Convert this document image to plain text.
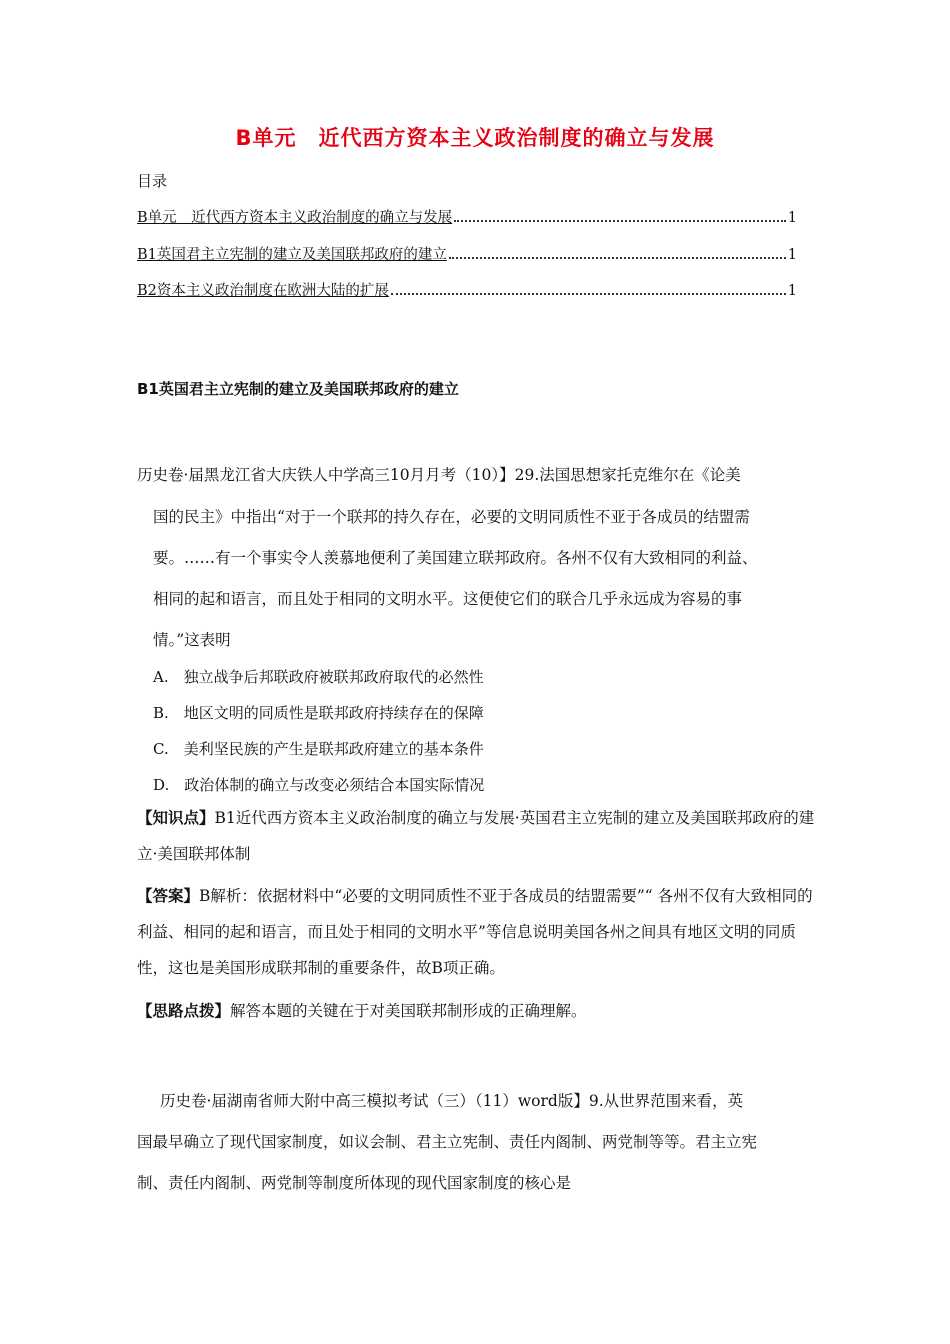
B单元　近代西方资本主义政治制度的确立与发展
目录
B单元　近代西方资本主义政治制度的确立与发展	1
B1英国君主立宪制的建立及美国联邦政府的建立	1
B2资本主义政治制度在欧洲大陆的扩展	1
B1英国君主立宪制的建立及美国联邦政府的建立
历史卷·届黑龙江省大庆铁人中学高三10月月考（10）】29.法国思想家托克维尔在《论美
国的民主》中指出“对于一个联邦的持久存在，必要的文明同质性不亚于各成员的结盟需
要。……有一个事实令人羡慕地便利了美国建立联邦政府。各州不仅有大致相同的利益、
相同的起和语言，而且处于相同的文明水平。这便使它们的联合几乎永远成为容易的事
情。”这表明
A.　独立战争后邦联政府被联邦政府取代的必然性
B.　地区文明的同质性是联邦政府持续存在的保障
C.　美利坚民族的产生是联邦政府建立的基本条件
D.　政治体制的确立与改变必须结合本国实际情况
【知识点】B1近代西方资本主义政治制度的确立与发展·英国君主立宪制的建立及美国联邦政府的建立·美国联邦体制
【答案】B解析：依据材料中“必要的文明同质性不亚于各成员的结盟需要”“ 各州不仅有大致相同的利益、相同的起和语言，而且处于相同的文明水平”等信息说明美国各州之间具有地区文明的同质性，这也是美国形成联邦制的重要条件，故B项正确。
【思路点拨】解答本题的关键在于对美国联邦制形成的正确理解。
历史卷·届湖南省师大附中高三模拟考试（三）（11）word版】9.从世界范围来看，英
国最早确立了现代国家制度，如议会制、君主立宪制、责任内阁制、两党制等等。君主立宪
制、责任内阁制、两党制等制度所体现的现代国家制度的核心是
